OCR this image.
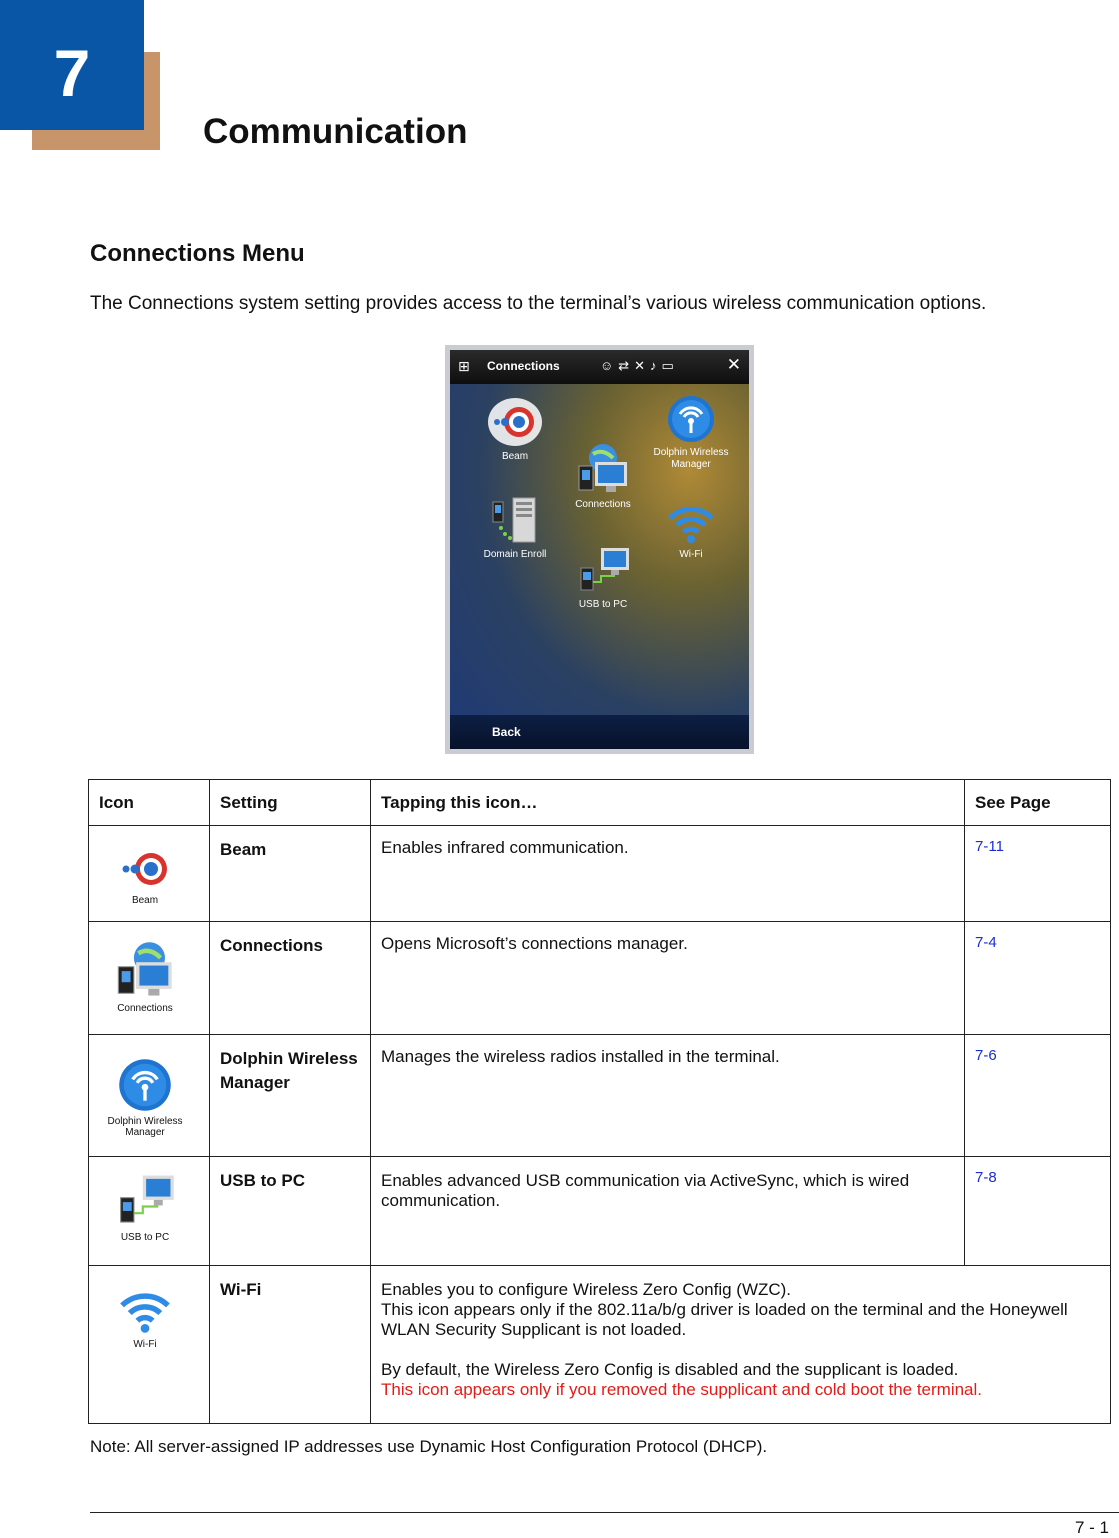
7
Communication
Connections Menu
The Connections system setting provides access to the terminal’s various wireless communication options.
⊞ Connections	☺⇄✕♪▭	✕
Beam	Dolphin Wireless Manager
Connections
Domain Enroll	Wi-Fi
USB to PC
Back
Icon	Setting	Tapping this icon…	See Page

Beam	Beam	Enables infrared communication.	7-11

Connections	Connections	Opens Microsoft’s connections manager.	7-4

Dolphin Wireless Manager	Dolphin Wireless Manager	Manages the wireless radios installed in the terminal.	7-6

USB to PC	USB to PC	Enables advanced USB communication via ActiveSync, which is wired communication.	7-8

Wi-Fi	Wi-Fi	Enables you to configure Wireless Zero Config (WZC).
This icon appears only if the 802.11a/b/g driver is loaded on the terminal and the Honeywell WLAN Security Supplicant is not loaded.
By default, the Wireless Zero Config is disabled and the supplicant is loaded.
This icon appears only if you removed the supplicant and cold boot the terminal.	
Note: All server-assigned IP addresses use Dynamic Host Configuration Protocol (DHCP).
7 - 1
